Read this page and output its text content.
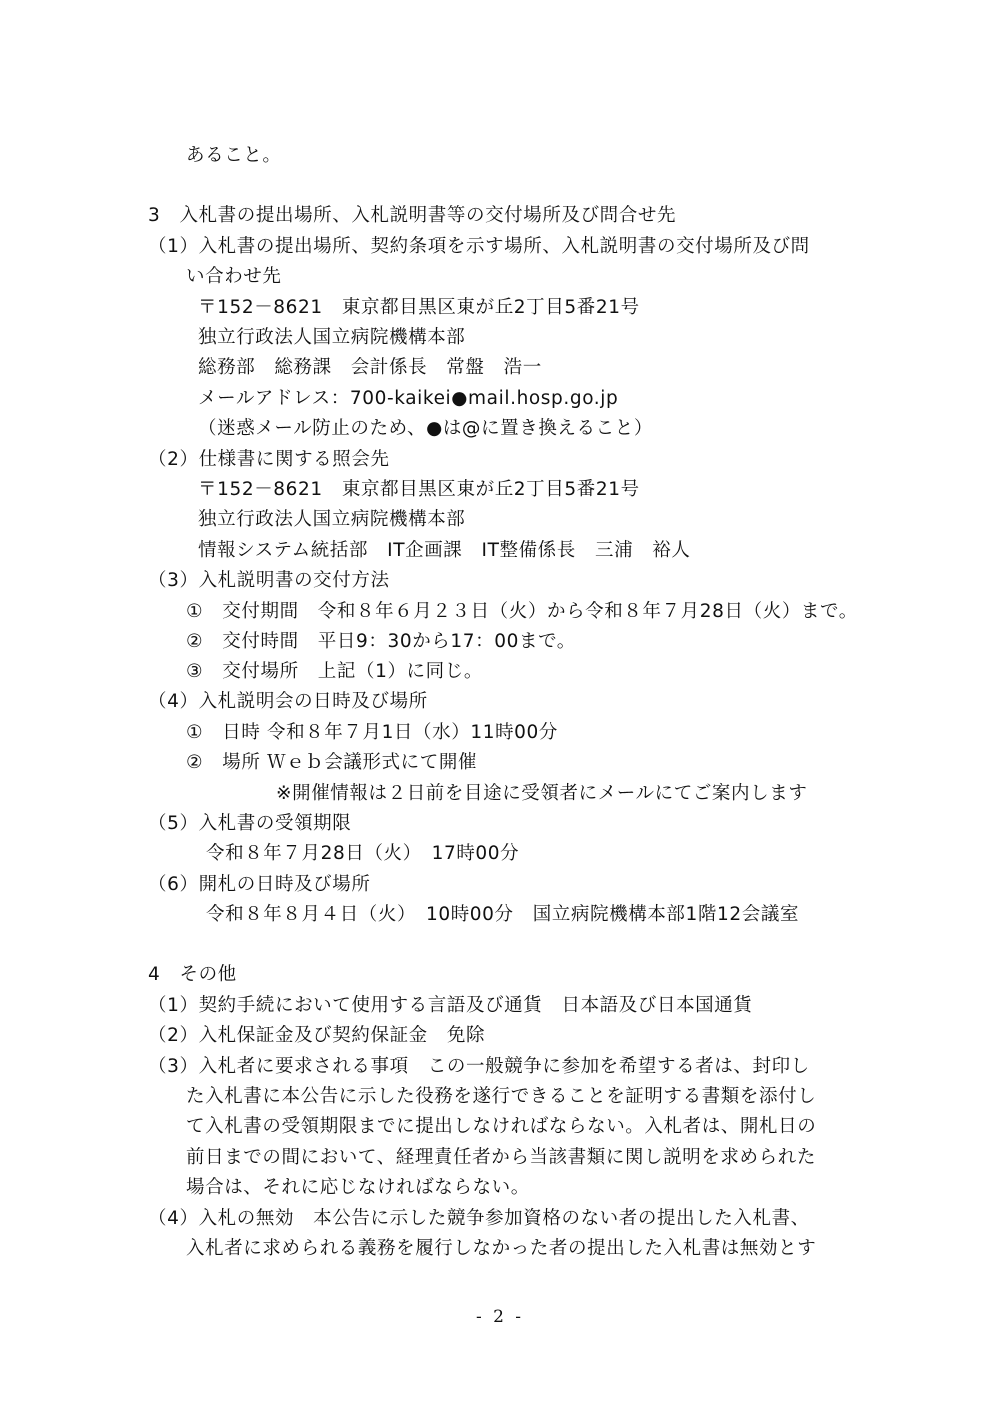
あること。
3　入札書の提出場所、入札説明書等の交付場所及び問合せ先
（1）入札書の提出場所、契約条項を示す場所、入札説明書の交付場所及び問
い合わせ先
〒152－8621　東京都目黒区東が丘2丁目5番21号
独立行政法人国立病院機構本部
総務部　総務課　会計係長　常盤　浩一
メールアドレス：700-kaikei●mail.hosp.go.jp
（迷惑メール防止のため、●は@に置き換えること）
（2）仕様書に関する照会先
〒152－8621　東京都目黒区東が丘2丁目5番21号
独立行政法人国立病院機構本部
情報システム統括部　IT企画課　IT整備係長　三浦　裕人
（3）入札説明書の交付方法
①　交付期間　令和８年６月２３日（火）から令和８年７月28日（火）まで。
②　交付時間　平日9：30から17：00まで。
③　交付場所　上記（1）に同じ。
（4）入札説明会の日時及び場所
①　日時 令和８年７月1日（水）11時00分
②　場所 Ｗｅｂ会議形式にて開催
※開催情報は２日前を目途に受領者にメールにてご案内します
（5）入札書の受領期限
令和８年７月28日（火）　17時00分
（6）開札の日時及び場所
令和８年８月４日（火）　10時00分　国立病院機構本部1階12会議室
4　その他
（1）契約手続において使用する言語及び通貨　日本語及び日本国通貨
（2）入札保証金及び契約保証金　免除
（3）入札者に要求される事項　この一般競争に参加を希望する者は、封印し
た入札書に本公告に示した役務を遂行できることを証明する書類を添付し
て入札書の受領期限までに提出しなければならない。入札者は、開札日の
前日までの間において、経理責任者から当該書類に関し説明を求められた
場合は、それに応じなければならない。
（4）入札の無効　本公告に示した競争参加資格のない者の提出した入札書、
入札者に求められる義務を履行しなかった者の提出した入札書は無効とす
- 2 -
